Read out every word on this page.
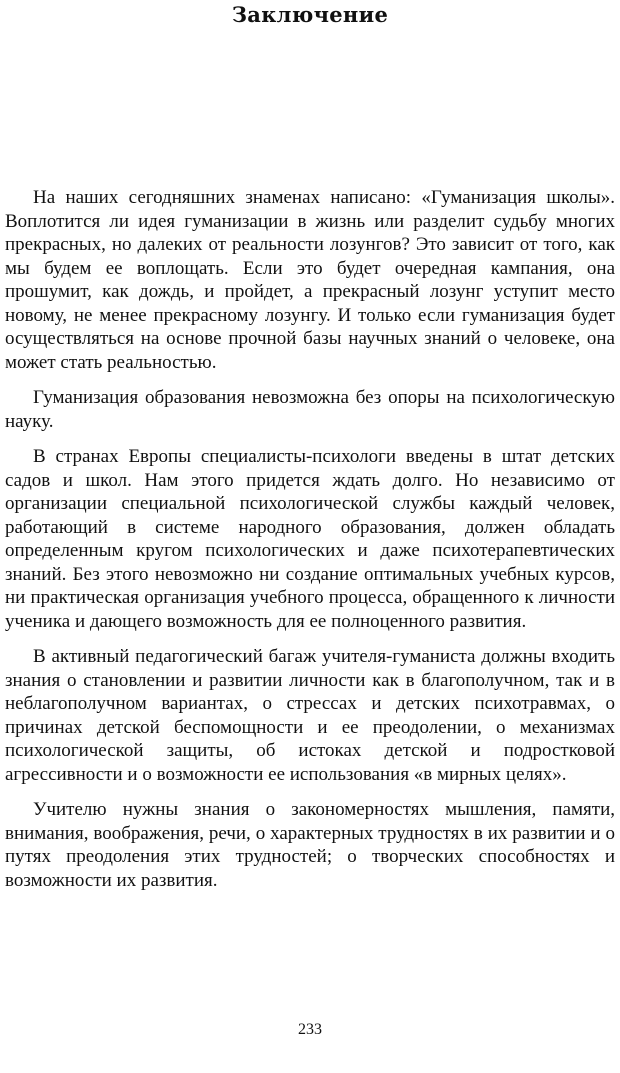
Заключение

На наших сегодняшних знаменах написано: «Гуманизация школы». Воплотится ли идея гуманизации в жизнь или разделит судьбу многих прекрасных, но далеких от реальности лозунгов? Это зависит от того, как мы будем ее воплощать. Если это будет очередная кампания, она прошумит, как дождь, и пройдет, а прекрасный лозунг уступит место новому, не менее прекрасному лозунгу. И только если гуманизация будет осуществляться на основе прочной базы научных знаний о человеке, она может стать реальностью.

Гуманизация образования невозможна без опоры на психологическую науку.

В странах Европы специалисты-психологи введены в штат детских садов и школ. Нам этого придется ждать долго. Но независимо от организации специальной психологической службы каждый человек, работающий в системе народного образования, должен обладать определенным кругом психологических и даже психотерапевтических знаний. Без этого невозможно ни создание оптимальных учебных курсов, ни практическая организация учебного процесса, обращенного к личности ученика и дающего возможность для ее полноценного развития.

В активный педагогический багаж учителя-гуманиста должны входить знания о становлении и развитии личности как в благополучном, так и в неблагополучном вариантах, о стрессах и детских психотравмах, о причинах детской беспомощности и ее преодолении, о механизмах психологической защиты, об истоках детской и подростковой агрессивности и о возможности ее использования «в мирных целях».

Учителю нужны знания о закономерностях мышления, памяти, внимания, воображения, речи, о характерных трудностях в их развитии и о путях преодоления этих трудностей; о творческих способностях и возможности их развития.

233
